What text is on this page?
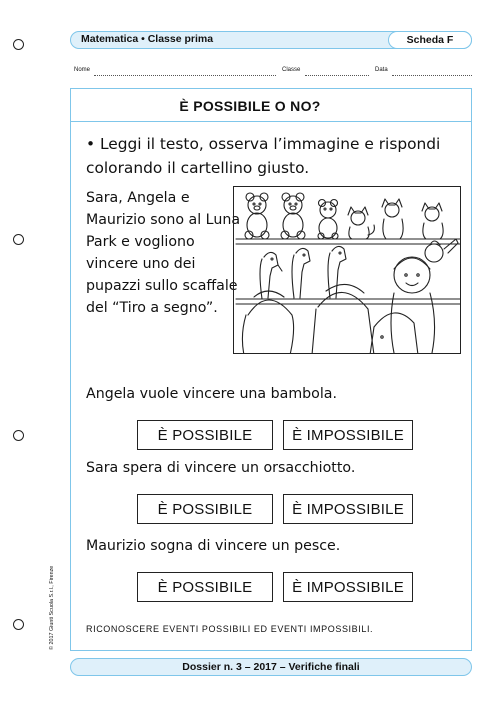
Matematica • Classe prima	Scheda F
Nome	Classe	Data
È POSSIBILE O NO?
• Leggi il testo, osserva l’immagine e rispondi colorando il cartellino giusto.
Sara, Angela e Maurizio sono al Luna Park e vogliono vincere uno dei pupazzi sullo scaffale del “Tiro a segno”.
Angela vuole vincere una bambola.
È POSSIBILE	È IMPOSSIBILE
Sara spera di vincere un orsacchiotto.
È POSSIBILE	È IMPOSSIBILE
Maurizio sogna di vincere un pesce.
È POSSIBILE	È IMPOSSIBILE
RICONOSCERE EVENTI POSSIBILI ED EVENTI IMPOSSIBILI.
© 2017 Giunti Scuola S.r.l., Firenze
Dossier n. 3 – 2017 – Verifiche finali
